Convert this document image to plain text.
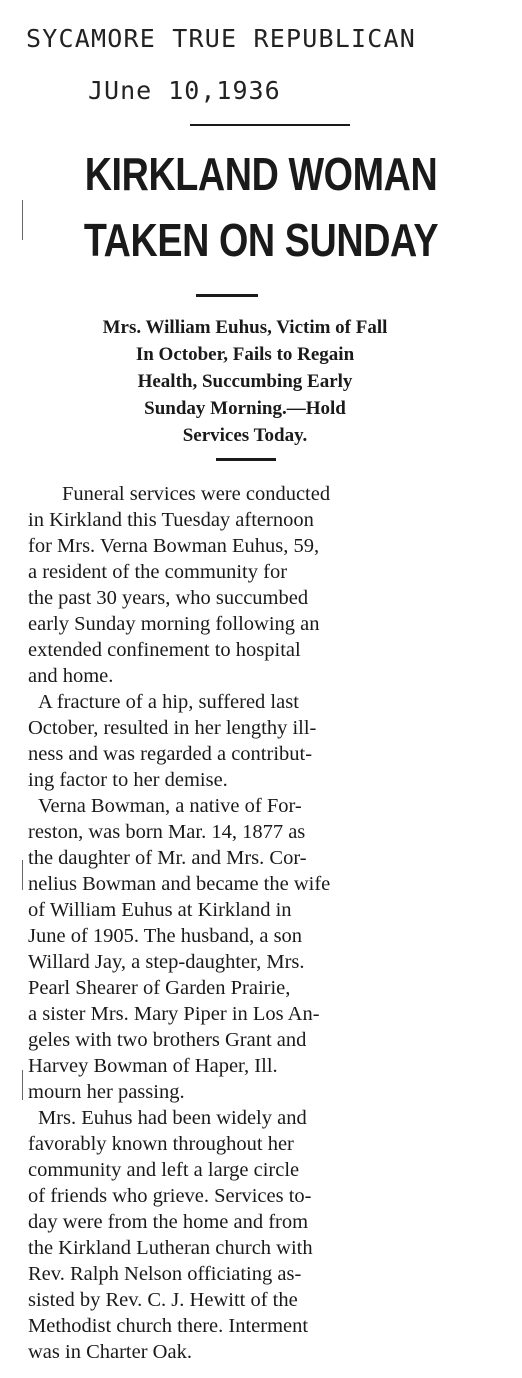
SYCAMORE TRUE REPUBLICAN
JUne 10,1936
KIRKLAND WOMAN
TAKEN ON SUNDAY
Mrs. William Euhus, Victim of Fall
In October, Fails to Regain
Health, Succumbing Early
Sunday Morning.—Hold
Services Today.
Funeral services were conducted
in Kirkland this Tuesday afternoon
for Mrs. Verna Bowman Euhus, 59,
a resident of the community for
the past 30 years, who succumbed
early Sunday morning following an
extended confinement to hospital
and home.
A fracture of a hip, suffered last
October, resulted in her lengthy ill-
ness and was regarded a contribut-
ing factor to her demise.
Verna Bowman, a native of For-
reston, was born Mar. 14, 1877 as
the daughter of Mr. and Mrs. Cor-
nelius Bowman and became the wife
of William Euhus at Kirkland in
June of 1905. The husband, a son
Willard Jay, a step-daughter, Mrs.
Pearl Shearer of Garden Prairie,
a sister Mrs. Mary Piper in Los An-
geles with two brothers Grant and
Harvey Bowman of Haper, Ill.
mourn her passing.
Mrs. Euhus had been widely and
favorably known throughout her
community and left a large circle
of friends who grieve. Services to-
day were from the home and from
the Kirkland Lutheran church with
Rev. Ralph Nelson officiating as-
sisted by Rev. C. J. Hewitt of the
Methodist church there. Interment
was in Charter Oak.
